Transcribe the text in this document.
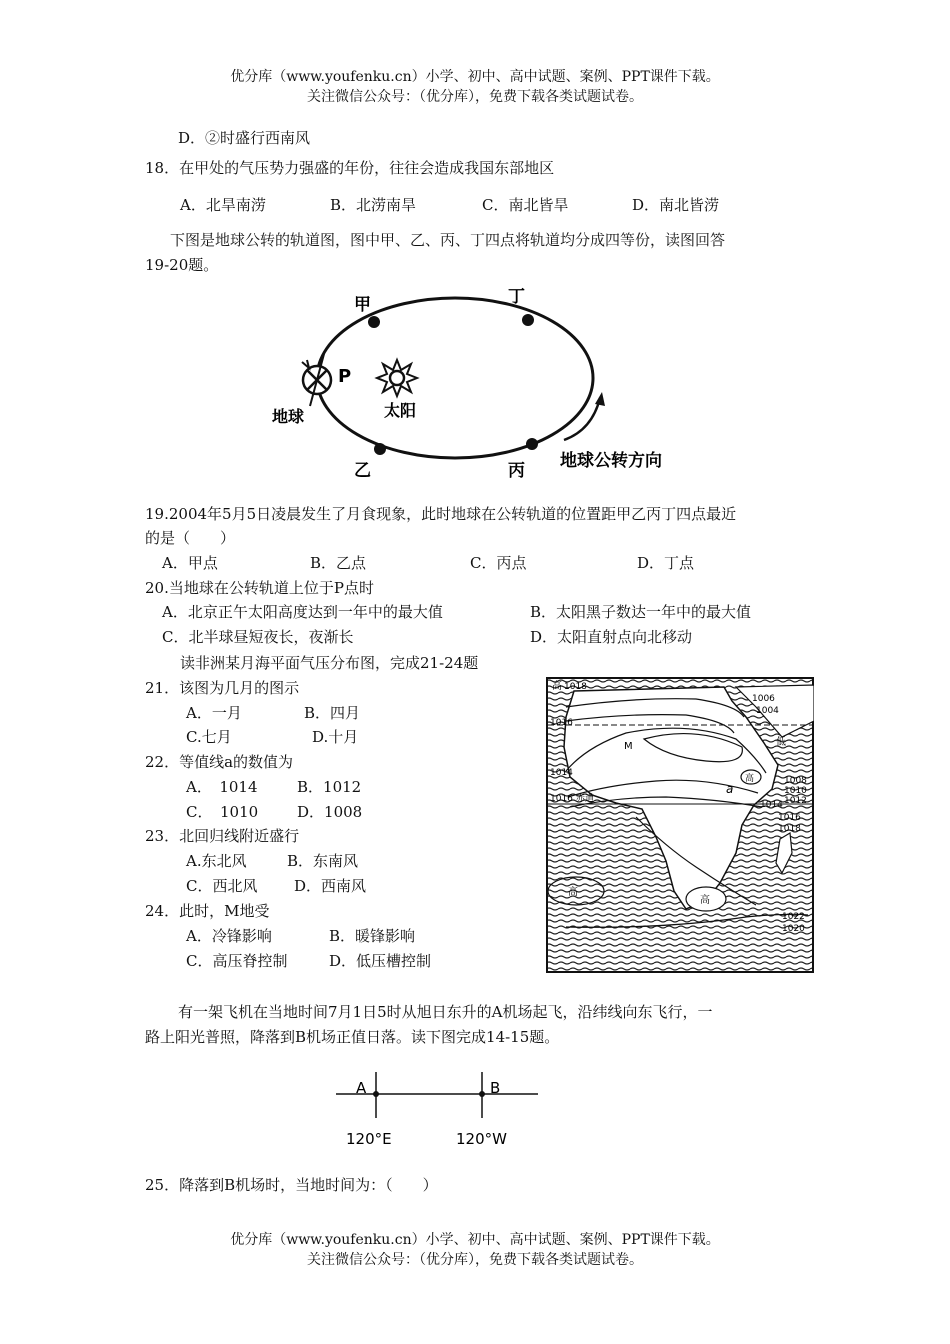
优分库（www.youfenku.cn）小学、初中、高中试题、案例、PPT课件下载。
关注微信公众号：（优分库），免费下载各类试题试卷。
D．②时盛行西南风
18．在甲处的气压势力强盛的年份，往往会造成我国东部地区
A．北旱南涝	B．北涝南旱	C．南北皆旱	D．南北皆涝
下图是地球公转的轨道图，图中甲、乙、丙、丁四点将轨道均分成四等份，读图回答
19-20题。
甲	丁
乙	丙
P
地球	太阳
地球公转方向
19.2004年5月5日凌晨发生了月食现象，此时地球在公转轨道的位置距甲乙丙丁四点最近
的是（　　）
A．甲点	B．乙点	C．丙点	D．丁点
20.当地球在公转轨道上位于P点时
A．北京正午太阳高度达到一年中的最大值	B．太阳黑子数达一年中的最大值
C．北半球昼短夜长，夜渐长	D．太阳直射点向北移动
读非洲某月海平面气压分布图，完成21-24题
21．该图为几月的图示
A．一月	B．四月
C.七月	D.十月
22．等值线a的数值为
A．　1014	B．1012
C．　1010	D．1008
23．北回归线附近盛行
A.东北风	B．东南风
C．西北风 D．西南风
24．此时，M地受
A．冷锋影响	B．暖锋影响
C．高压脊控制	D．低压槽控制
高 1018
1016
1014
1016 赤道
1006
1004
低
M
高
a
1008
1010
1012
1014
1016
1018
高
高
1022
1020
有一架飞机在当地时间7月1日5时从旭日东升的A机场起飞，沿纬线向东飞行，一
路上阳光普照，降落到B机场正值日落。读下图完成14-15题。
A	B
120°E	120°W
25．降落到B机场时，当地时间为：（　　）
优分库（www.youfenku.cn）小学、初中、高中试题、案例、PPT课件下载。
关注微信公众号：（优分库），免费下载各类试题试卷。
